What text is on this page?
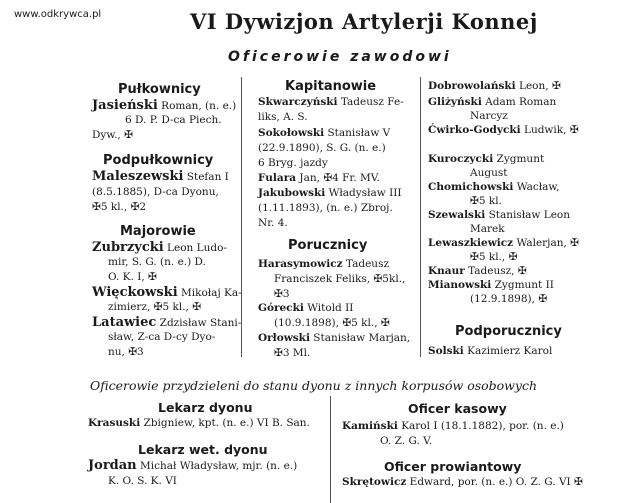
www.odkrywca.pl	VI Dywizjon Artylerji Konnej
Oficerowie zawodowi
Pułkownicy
Jasieński Roman, (n. e.)
6 D. P. D-ca Piech.
Dyw., ✠
Podpułkownicy
Maleszewski Stefan I
(8.5.1885), D-ca Dyonu,
✠5 kl., ✠2
Majorowie
Zubrzycki Leon Ludo-
mir, S. G. (n. e.) D.
O. K. I, ✠
Więckowski Mikołaj Ka-
zimierz, ✠5 kl., ✠
Latawiec Zdzisław Stani-
sław, Z-ca D-cy Dyo-
nu, ✠3
Kapitanowie
Skwarczyński Tadeusz Fe-
liks, A. S.
Sokołowski Stanisław V
(22.9.1890), S. G. (n. e.)
6 Bryg. jazdy
Fulara Jan, ✠4 Fr. MV.
Jakubowski Władysław III
(1.11.1893), (n. e.) Zbroj.
Nr. 4.
Porucznicy
Harasymowicz Tadeusz
Franciszek Feliks, ✠5kl.,
✠3
Górecki Witold II
(10.9.1898), ✠5 kl., ✠
Orłowski Stanisław Marjan,
✠3 Ml.
Dobrowolański Leon, ✠
Gliżyński Adam Roman
Narcyz
Ćwirko-Godycki Ludwik, ✠
Kuroczycki Zygmunt
August
Chomichowski Wacław,
✠5 kl.
Szewalski Stanisław Leon
Marek
Lewaszkiewicz Walerjan, ✠
✠5 kl., ✠
Knaur Tadeusz, ✠
Mianowski Zygmunt II
(12.9.1898), ✠
Podporucznicy
Solski Kazimierz Karol
Oficerowie przydzieleni do stanu dyonu z innych korpusów osobowych
Lekarz dyonu
Krasuski Zbigniew, kpt. (n. e.) VI B. San.
Lekarz wet. dyonu
Jordan Michał Władysław, mjr. (n. e.)
K. O. S. K. VI
Oficer kasowy
Kamiński Karol I (18.1.1882), por. (n. e.)
O. Z. G. V.
Oficer prowiantowy
Skrętowicz Edward, por. (n. e.) O. Z. G. VI ✠
